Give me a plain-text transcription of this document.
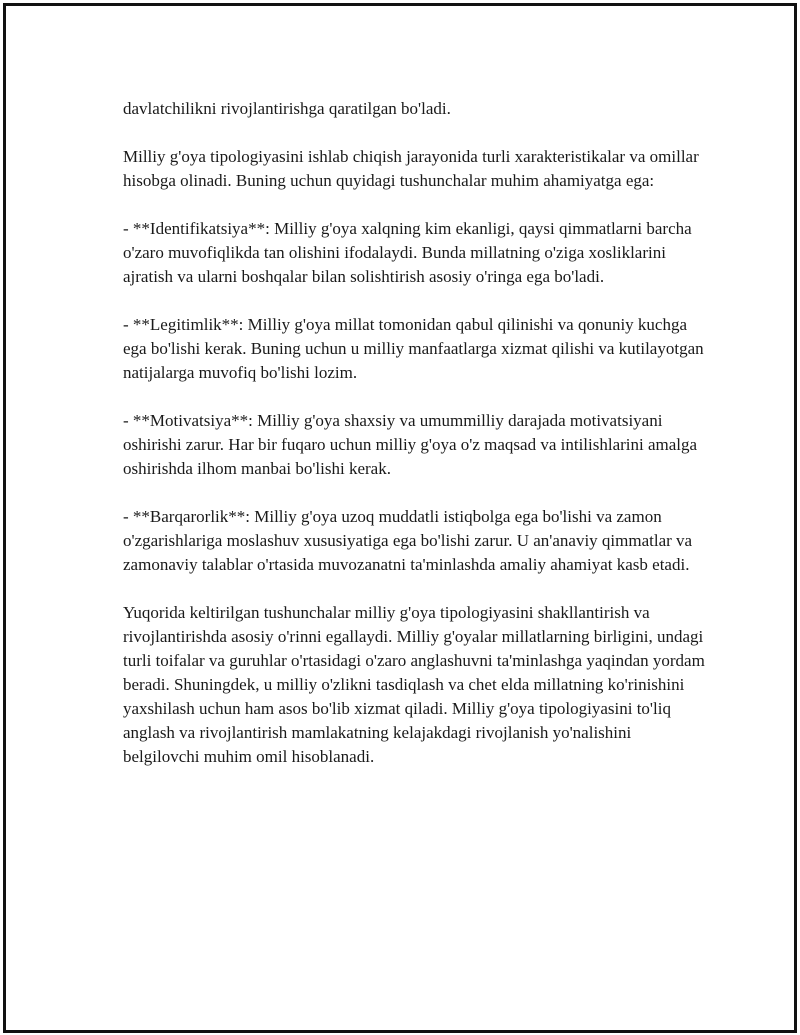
davlatchilikni rivojlantirishga qaratilgan bo'ladi.

Milliy g'oya tipologiyasini ishlab chiqish jarayonida turli xarakteristikalar va omillar hisobga olinadi. Buning uchun quyidagi tushunchalar muhim ahamiyatga ega:

- **Identifikatsiya**: Milliy g'oya xalqning kim ekanligi, qaysi qimmatlarni barcha o'zaro muvofiqlikda tan olishini ifodalaydi. Bunda millatning o'ziga xosliklarini ajratish va ularni boshqalar bilan solishtirish asosiy o'ringa ega bo'ladi.

- **Legitimlik**: Milliy g'oya millat tomonidan qabul qilinishi va qonuniy kuchga ega bo'lishi kerak. Buning uchun u milliy manfaatlarga xizmat qilishi va kutilayotgan natijalarga muvofiq bo'lishi lozim.

- **Motivatsiya**: Milliy g'oya shaxsiy va umummilliy darajada motivatsiyani oshirishi zarur. Har bir fuqaro uchun milliy g'oya o'z maqsad va intilishlarini amalga oshirishda ilhom manbai bo'lishi kerak.

- **Barqarorlik**: Milliy g'oya uzoq muddatli istiqbolga ega bo'lishi va zamon o'zgarishlariga moslashuv xususiyatiga ega bo'lishi zarur. U an'anaviy qimmatlar va zamonaviy talablar o'rtasida muvozanatni ta'minlashda amaliy ahamiyat kasb etadi.

Yuqorida keltirilgan tushunchalar milliy g'oya tipologiyasini shakllantirish va rivojlantirishda asosiy o'rinni egallaydi. Milliy g'oyalar millatlarning birligini, undagi turli toifalar va guruhlar o'rtasidagi o'zaro anglashuvni ta'minlashga yaqindan yordam beradi. Shuningdek, u milliy o'zlikni tasdiqlash va chet elda millatning ko'rinishini yaxshilash uchun ham asos bo'lib xizmat qiladi. Milliy g'oya tipologiyasini to'liq anglash va rivojlantirish mamlakatning kelajakdagi rivojlanish yo'nalishini belgilovchi muhim omil hisoblanadi.
